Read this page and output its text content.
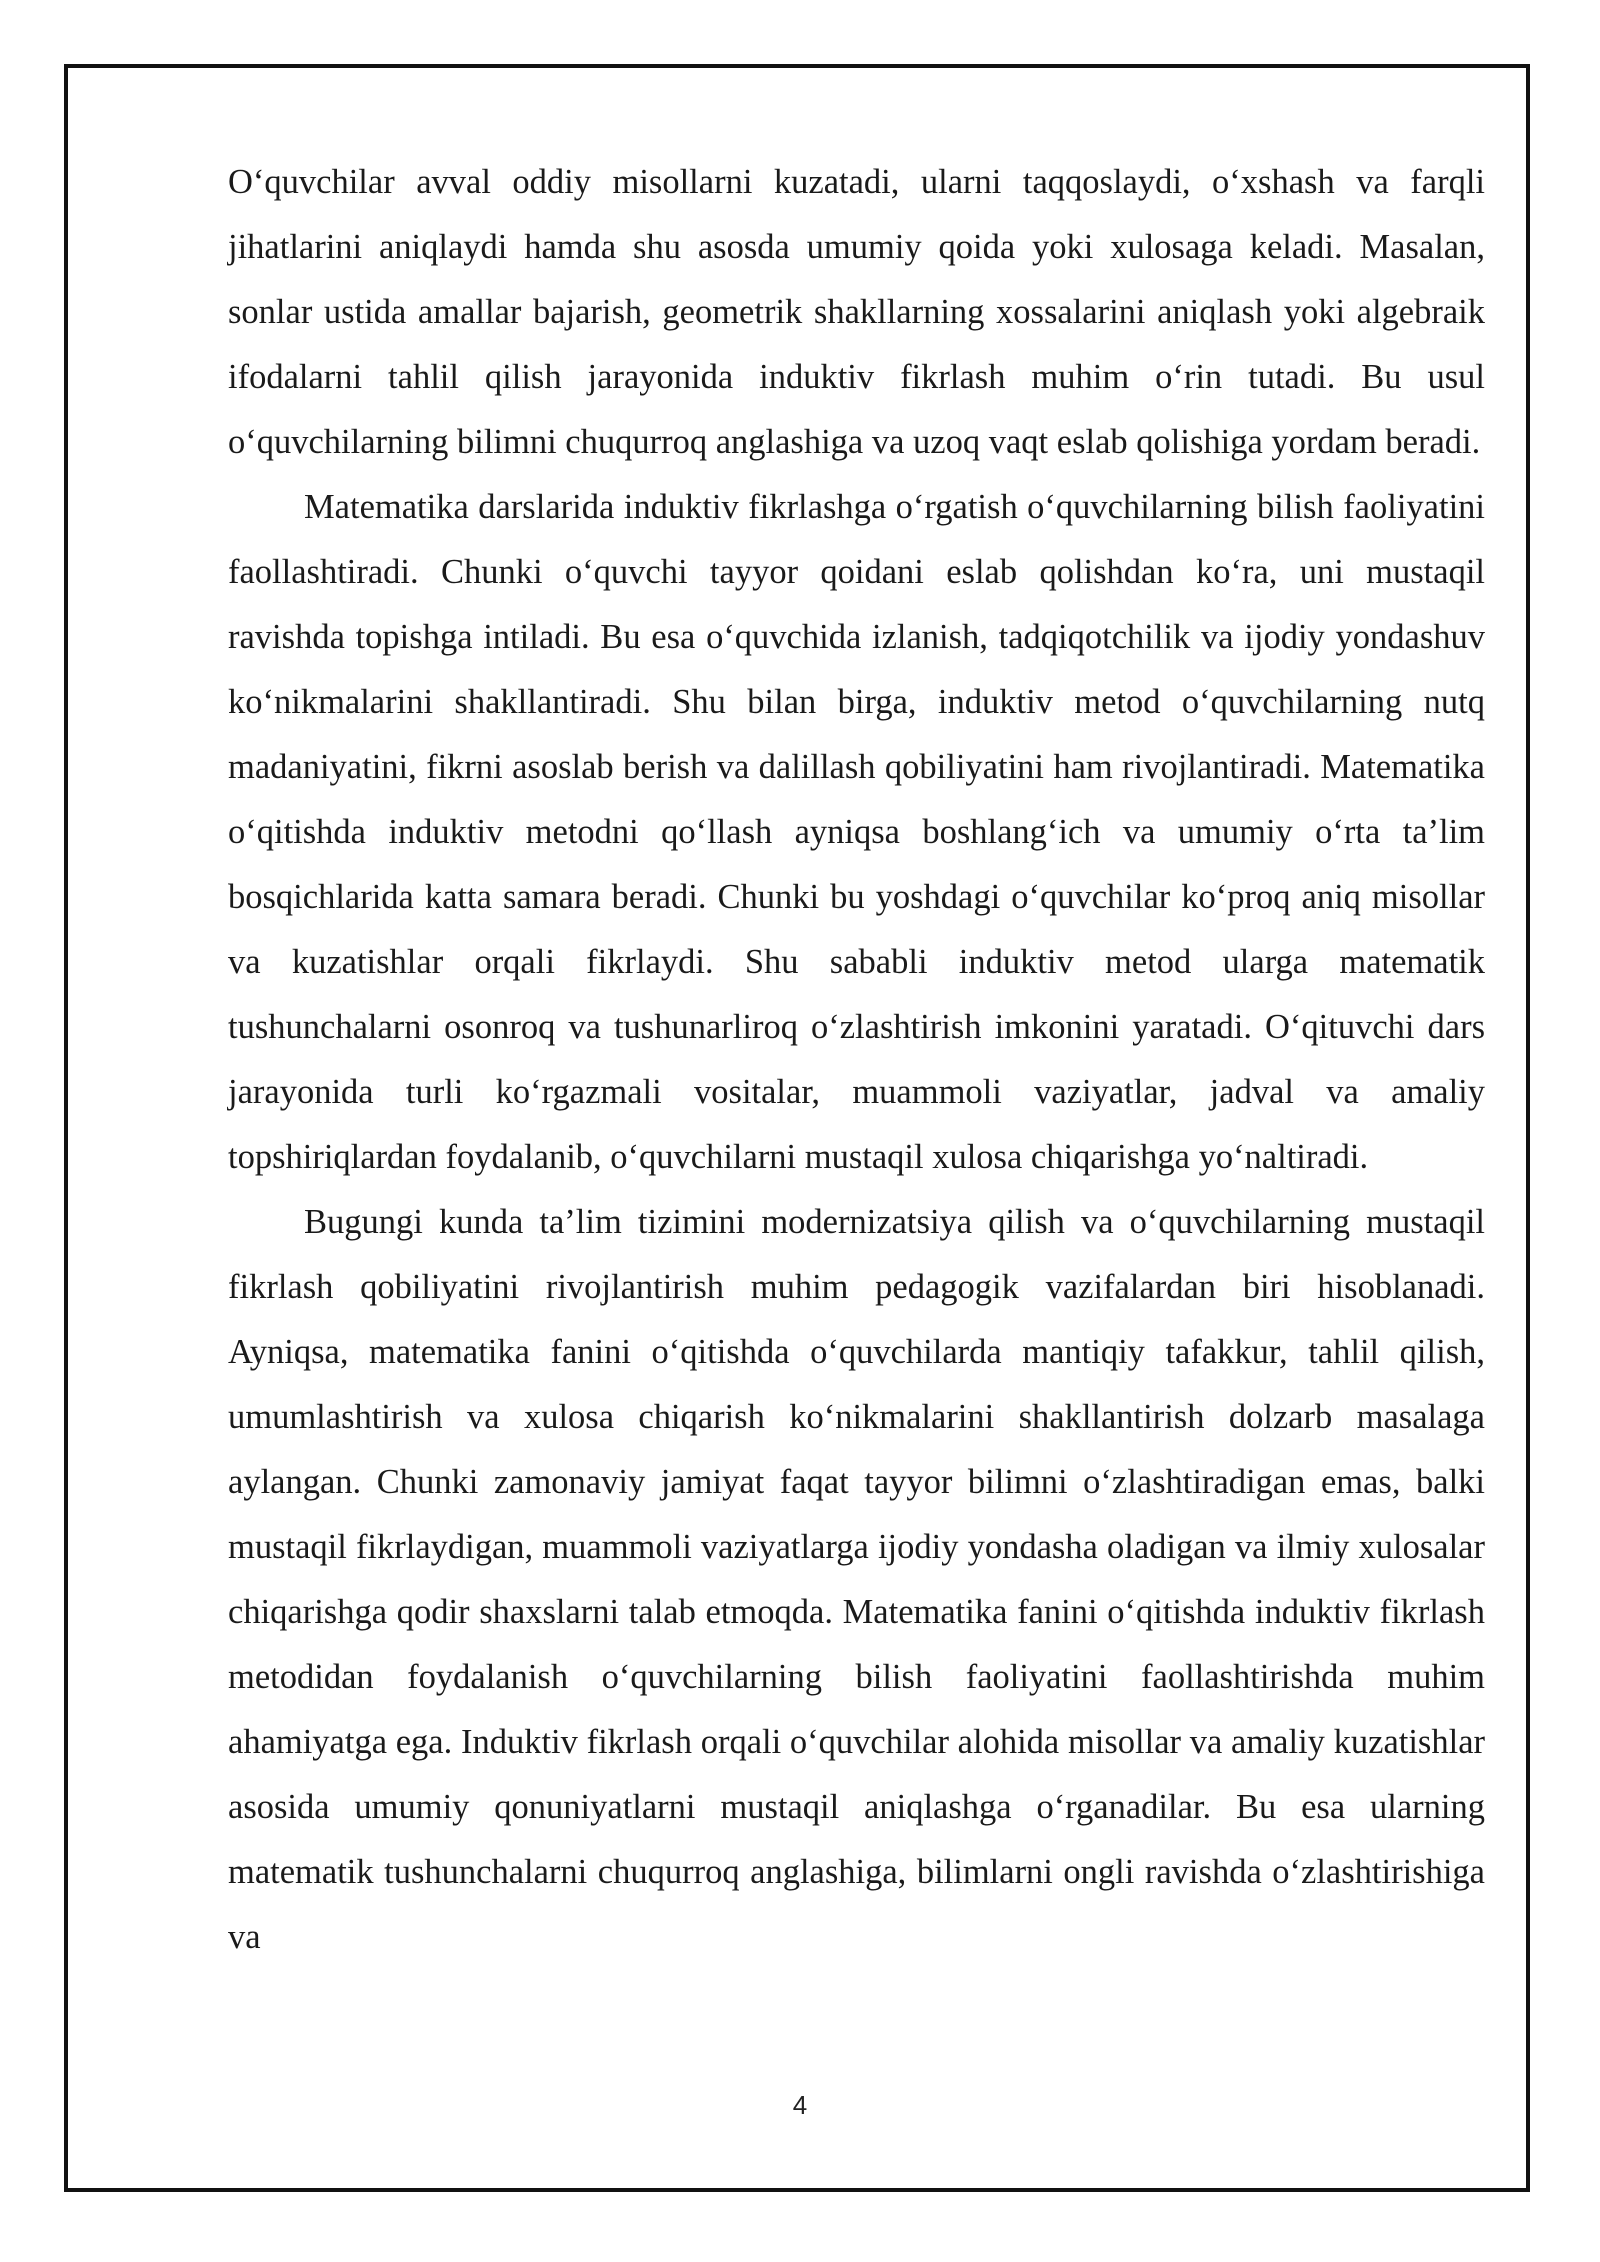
O‘quvchilar avval oddiy misollarni kuzatadi, ularni taqqoslaydi, o‘xshash va farqli jihatlarini aniqlaydi hamda shu asosda umumiy qoida yoki xulosaga keladi. Masalan, sonlar ustida amallar bajarish, geometrik shakllarning xossalarini aniqlash yoki algebraik ifodalarni tahlil qilish jarayonida induktiv fikrlash muhim o‘rin tutadi. Bu usul o‘quvchilarning bilimni chuqurroq anglashiga va uzoq vaqt eslab qolishiga yordam beradi.

Matematika darslarida induktiv fikrlashga o‘rgatish o‘quvchilarning bilish faoliyatini faollashtiradi. Chunki o‘quvchi tayyor qoidani eslab qolishdan ko‘ra, uni mustaqil ravishda topishga intiladi. Bu esa o‘quvchida izlanish, tadqiqotchilik va ijodiy yondashuv ko‘nikmalarini shakllantiradi. Shu bilan birga, induktiv metod o‘quvchilarning nutq madaniyatini, fikrni asoslab berish va dalillash qobiliyatini ham rivojlantiradi. Matematika o‘qitishda induktiv metodni qo‘llash ayniqsa boshlang‘ich va umumiy o‘rta ta’lim bosqichlarida katta samara beradi. Chunki bu yoshdagi o‘quvchilar ko‘proq aniq misollar va kuzatishlar orqali fikrlaydi. Shu sababli induktiv metod ularga matematik tushunchalarni osonroq va tushunarliroq o‘zlashtirish imkonini yaratadi. O‘qituvchi dars jarayonida turli ko‘rgazmali vositalar, muammoli vaziyatlar, jadval va amaliy topshiriqlardan foydalanib, o‘quvchilarni mustaqil xulosa chiqarishga yo‘naltiradi.

Bugungi kunda ta’lim tizimini modernizatsiya qilish va o‘quvchilarning mustaqil fikrlash qobiliyatini rivojlantirish muhim pedagogik vazifalardan biri hisoblanadi. Ayniqsa, matematika fanini o‘qitishda o‘quvchilarda mantiqiy tafakkur, tahlil qilish, umumlashtirish va xulosa chiqarish ko‘nikmalarini shakllantirish dolzarb masalaga aylangan. Chunki zamonaviy jamiyat faqat tayyor bilimni o‘zlashtiradigan emas, balki mustaqil fikrlaydigan, muammoli vaziyatlarga ijodiy yondasha oladigan va ilmiy xulosalar chiqarishga qodir shaxslarni talab etmoqda. Matematika fanini o‘qitishda induktiv fikrlash metodidan foydalanish o‘quvchilarning bilish faoliyatini faollashtirishda muhim ahamiyatga ega. Induktiv fikrlash orqali o‘quvchilar alohida misollar va amaliy kuzatishlar asosida umumiy qonuniyatlarni mustaqil aniqlashga o‘rganadilar. Bu esa ularning matematik tushunchalarni chuqurroq anglashiga, bilimlarni ongli ravishda o‘zlashtirishiga va

4
